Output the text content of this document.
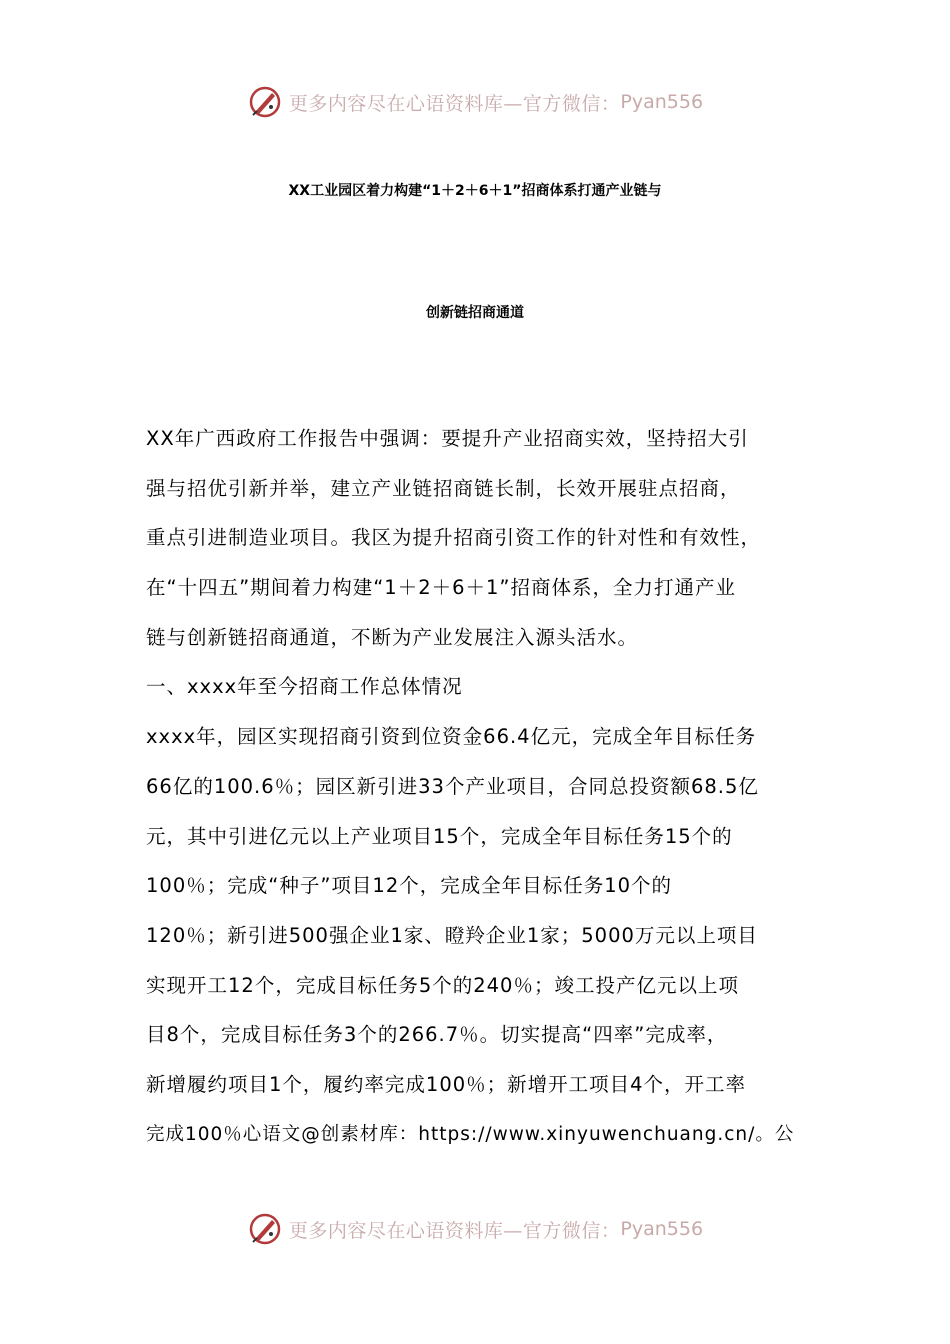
更多内容尽在心语资料库—官方微信： Pyan556
XX工业园区着力构建“1＋2＋6＋1”招商体系打通产业链与
创新链招商通道
XX年广西政府工作报告中强调：要提升产业招商实效，坚持招大引
强与招优引新并举，建立产业链招商链长制，长效开展驻点招商，
重点引进制造业项目。我区为提升招商引资工作的针对性和有效性，
在“十四五”期间着力构建“1＋2＋6＋1”招商体系，全力打通产业
链与创新链招商通道，不断为产业发展注入源头活水。
一、xxxx年至今招商工作总体情况
xxxx年，园区实现招商引资到位资金66.4亿元，完成全年目标任务
66亿的100.6％；园区新引进33个产业项目，合同总投资额68.5亿
元，其中引进亿元以上产业项目15个，完成全年目标任务15个的
100％；完成“种子”项目12个，完成全年目标任务10个的
120％；新引进500强企业1家、瞪羚企业1家；5000万元以上项目
实现开工12个，完成目标任务5个的240％；竣工投产亿元以上项
目8个，完成目标任务3个的266.7％。切实提高“四率”完成率，
新增履约项目1个，履约率完成100％；新增开工项目4个，开工率
完成100％心语文@创素材库：https://www.xinyuwenchuang.cn/。公
更多内容尽在心语资料库—官方微信： Pyan556
